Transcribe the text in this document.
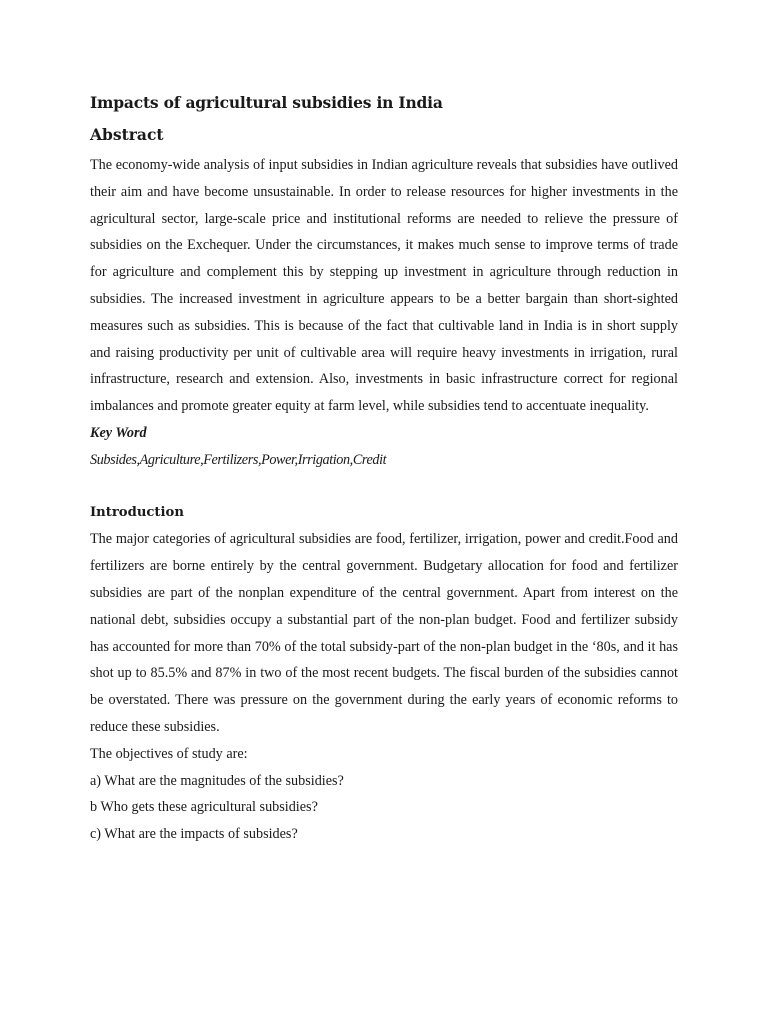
Impacts of agricultural subsidies in India
Abstract

The economy-wide analysis of input subsidies in Indian agriculture reveals that subsidies have outlived their aim and have become unsustainable. In order to release resources for higher investments in the agricultural sector, large-scale price and institutional reforms are needed to relieve the pressure of subsidies on the Exchequer. Under the circumstances, it makes much sense to improve terms of trade for agriculture and complement this by stepping up investment in agriculture through reduction in subsidies. The increased investment in agriculture appears to be a better bargain than short-sighted measures such as subsidies. This is because of the fact that cultivable land in India is in short supply and raising productivity per unit of cultivable area will require heavy investments in irrigation, rural infrastructure, research and extension. Also, investments in basic infrastructure correct for regional imbalances and promote greater equity at farm level, while subsidies tend to accentuate inequality.

Key Word

Subsides,Agriculture,Fertilizers,Power,Irrigation,Credit

Introduction

The major categories of agricultural subsidies are food, fertilizer, irrigation, power and credit.Food and fertilizers are borne entirely by the central government. Budgetary allocation for food and fertilizer subsidies are part of the nonplan expenditure of the central government. Apart from interest on the national debt, subsidies occupy a substantial part of the non-plan budget. Food and fertilizer subsidy has accounted for more than 70% of the total subsidy-part of the non-plan budget in the ‘80s, and it has shot up to 85.5% and 87% in two of the most recent budgets. The fiscal burden of the subsidies cannot be overstated. There was pressure on the government during the early years of economic reforms to reduce these subsidies.

The objectives of study are:

a) What are the magnitudes of the subsidies?

b Who gets these agricultural subsidies?

c) What are the impacts of subsides?
